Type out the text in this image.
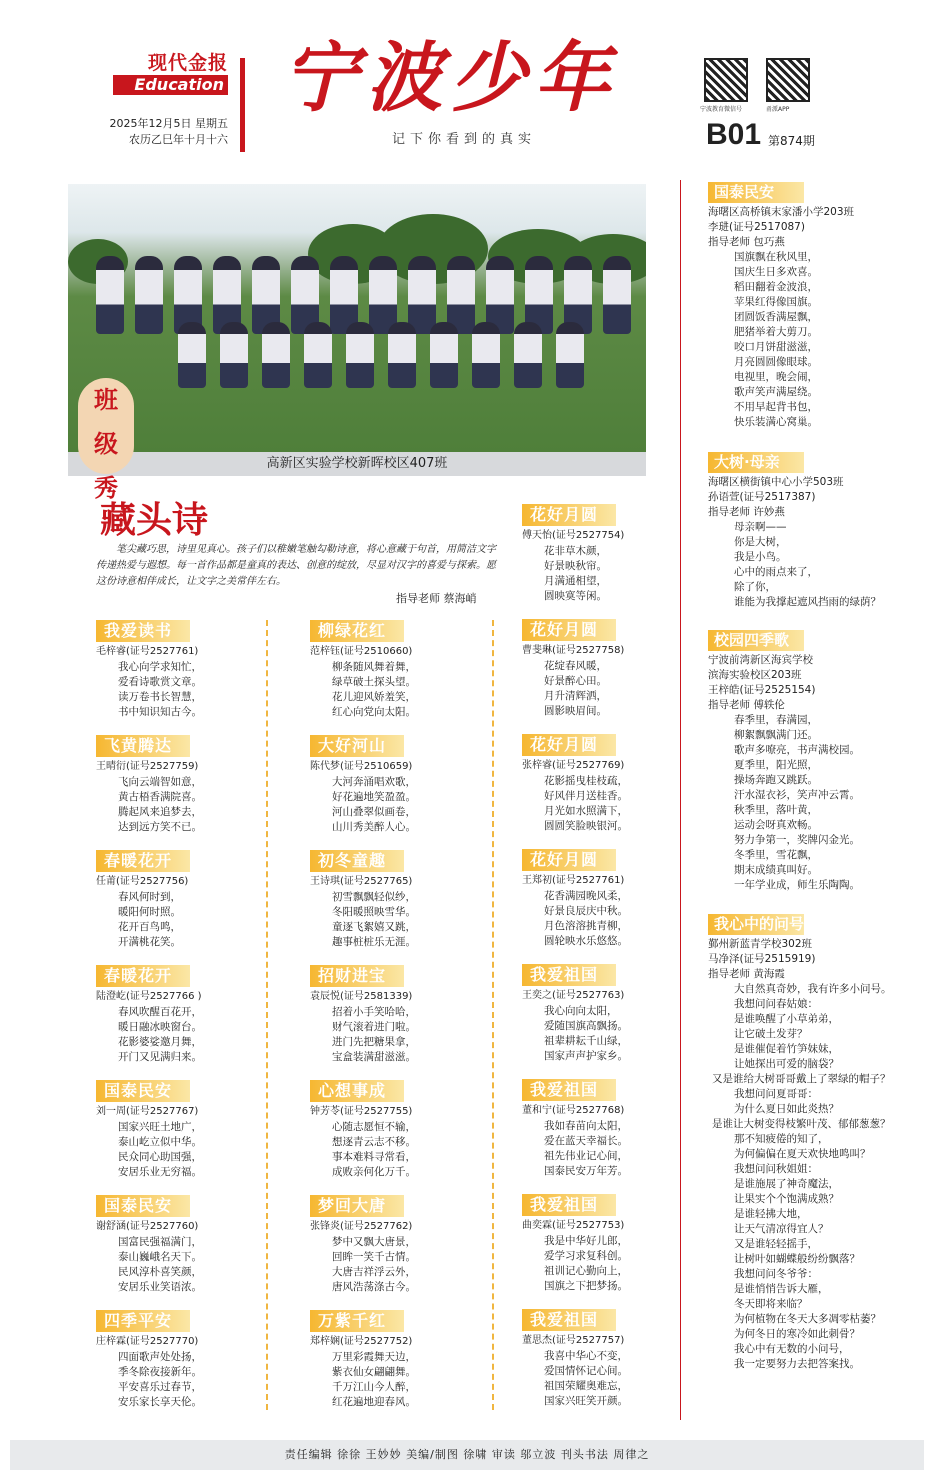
现代金报
Education
2025年12月5日 星期五
农历乙巳年十月十六
宁波少年
记下你看到的真实
宁波教育微信号	甬派APP
B01 第874期
高新区实验学校新晖校区407班
班
级
秀
藏头诗
笔尖藏巧思，诗里见真心。孩子们以稚嫩笔触勾勒诗意，将心意藏于句首，用简洁文字传递热爱与遐想。每一首作品都是童真的表达、创意的绽放，尽显对汉字的喜爱与探索。愿这份诗意相伴成长，让文字之美常伴左右。
指导老师 蔡海峭
我爱读书
毛梓睿(证号2527761)
我心向学求知忙，
爱看诗歌赏文章。
读万卷书长智慧，
书中知识知古今。
飞黄腾达
王晴衍(证号2527759)
飞向云端智如意，
黄古梧香满院喜。
腾起风来追梦去，
达到远方笑不已。
春暖花开
任莆(证号2527756)
春风何时到，
暖阳何时照。
花开百鸟鸣，
开满桃花笑。
春暖花开
陆澄屹(证号2527766 )
春风吹醒百花开，
暖日融冰映窗台。
花影婆娑邀月舞，
开门又见满归来。
国泰民安
刘一周(证号2527767)
国家兴旺土地广，
泰山屹立似中华。
民众同心助国强，
安居乐业无穷福。
国泰民安
谢舒涵(证号2527760)
国富民强福满门，
泰山巍峨名天下。
民风淳朴喜笑颜，
安居乐业笑语浓。
四季平安
庄梓霖(证号2527770)
四面歌声处处扬，
季冬除夜接新年。
平安喜乐过春节，
安乐家长享天伦。
柳绿花红
范梓钰(证号2510660)
柳条随风舞着舞，
绿草破土探头望。
花儿迎风娇羞笑，
红心向党向太阳。
大好河山
陈代梦(证号2510659)
大河奔涌唱欢歌，
好花遍地笑盈盈。
河山叠翠似画卷，
山川秀美醉人心。
初冬童趣
王诗琪(证号2527765)
初雪飘飘轻似纱，
冬阳暖照映雪华。
童逐飞絮嬉又跳，
趣事桩桩乐无涯。
招财进宝
袁辰悦(证号2581339)
招着小手笑哈哈，
财气滚着进门啦。
进门先把糖果拿，
宝盒装满甜滋滋。
心想事成
钟芳苓(证号2527755)
心随志愿恒不输，
想逐青云志不移。
事本难料寻常看，
成败亲何化万千。
梦回大唐
张锋炎(证号2527762)
梦中又飘大唐景，
回眸一笑千古情。
大唐吉祥浮云外，
唐风浩荡涤古今。
万紫千红
郑梓娴(证号2527752)
万里彩霞舞天边，
紫衣仙女翩翩舞。
千万江山今人醉，
红花遍地迎春风。
花好月圆
傅天怡(证号2527754)
花非草木颜，
好景映秋帘。
月满通相望，
圆映寞等闲。
花好月圆
曹斐琳(证号2527758)
花绽春风暖，
好景醉心田。
月升清辉洒，
圆影映眉间。
花好月圆
张梓睿(证号2527769)
花影摇曳桂枝疏，
好风伴月送桂香。
月光如水照满下，
圆圆笑脸映银河。
花好月圆
王郑初(证号2527761)
花香满园晚风柔，
好景良辰庆中秋。
月色溶溶挑青柳，
圆轮映水乐悠悠。
我爱祖国
王奕之(证号2527763)
我心向向太阳，
爱随国旗高飘扬。
祖辈耕耘千山绿，
国家声声护家乡。
我爱祖国
董和宁(证号2527768)
我如春苗向太阳，
爱在蓝天幸福长。
祖先伟业记心间，
国泰民安万年芳。
我爱祖国
曲奕霖(证号2527753)
我是中华好儿郎，
爱学习求复科创。
祖训记心勤向上，
国旗之下把梦扬。
我爱祖国
董思杰(证号2527757)
我喜中华心不变，
爱国情怀记心间。
祖国荣耀奥难忘，
国家兴旺笑开颜。
国泰民安
海曙区高桥镇末家潘小学203班
李琎(证号2517087)
指导老师 包巧燕
国旗飘在秋风里，
国庆生日多欢喜。
稻田翻着金波浪，
苹果红得像国旗。
团圆饭香满屋飘，
肥猪举着大剪刀。
咬口月饼甜滋滋，
月亮圆圆像眼球。
电视里，晚会闹，
歌声笑声满屋绕。
不用早起背书包，
快乐装满心窝巢。
大树·母亲
海曙区横街镇中心小学503班
孙语萱(证号2517387)
指导老师 许妙燕
母亲啊——
你是大树，
我是小鸟。
心中的雨点来了，
除了你，
谁能为我撑起遮风挡雨的绿荫？
校园四季歌
宁波前湾新区海宾学校
滨海实验校区203班
王梓皓(证号2525154)
指导老师 傅轶伦
春季里，春满园，
柳絮飘飘满门还。
歌声多嘹亮，书声满校园。
夏季里，阳光照，
操场奔跑又跳跃。
汗水湿衣衫，笑声冲云霄。
秋季里，落叶黄，
运动会呀真欢畅。
努力争第一，奖牌闪金光。
冬季里，雪花飘，
期末成绩真叫好。
一年学业成，师生乐陶陶。
我心中的问号
鄞州新蓝青学校302班
马净泽(证号2515919)
指导老师 黄海霞
大自然真奇妙，我有许多小问号。
我想问问春姑娘：
是谁唤醒了小草弟弟，
让它破土发芽？
是谁催促着竹笋妹妹，
让她探出可爱的脑袋？
又是谁给大树哥哥戴上了翠绿的帽子？
我想问问夏哥哥：
为什么夏日如此炎热？
是谁让大树变得枝繁叶茂、郁郁葱葱？
那不知疲倦的知了，
为何偏偏在夏天欢快地鸣叫？
我想问问秋姐姐：
是谁施展了神奇魔法，
让果实个个饱满成熟？
是谁轻拂大地，
让天气清凉得宜人？
又是谁轻轻摇手，
让树叶如蝴蝶般纷纷飘落？
我想问问冬爷爷：
是谁悄悄告诉大雁，
冬天即将来临？
为何植物在冬天大多凋零枯萎？
为何冬日的寒冷如此刺骨？
我心中有无数的小问号，
我一定要努力去把答案找。
责任编辑 徐徐 王妙妙 美编/制图 徐啸 审读 邬立波 刊头书法 周律之
